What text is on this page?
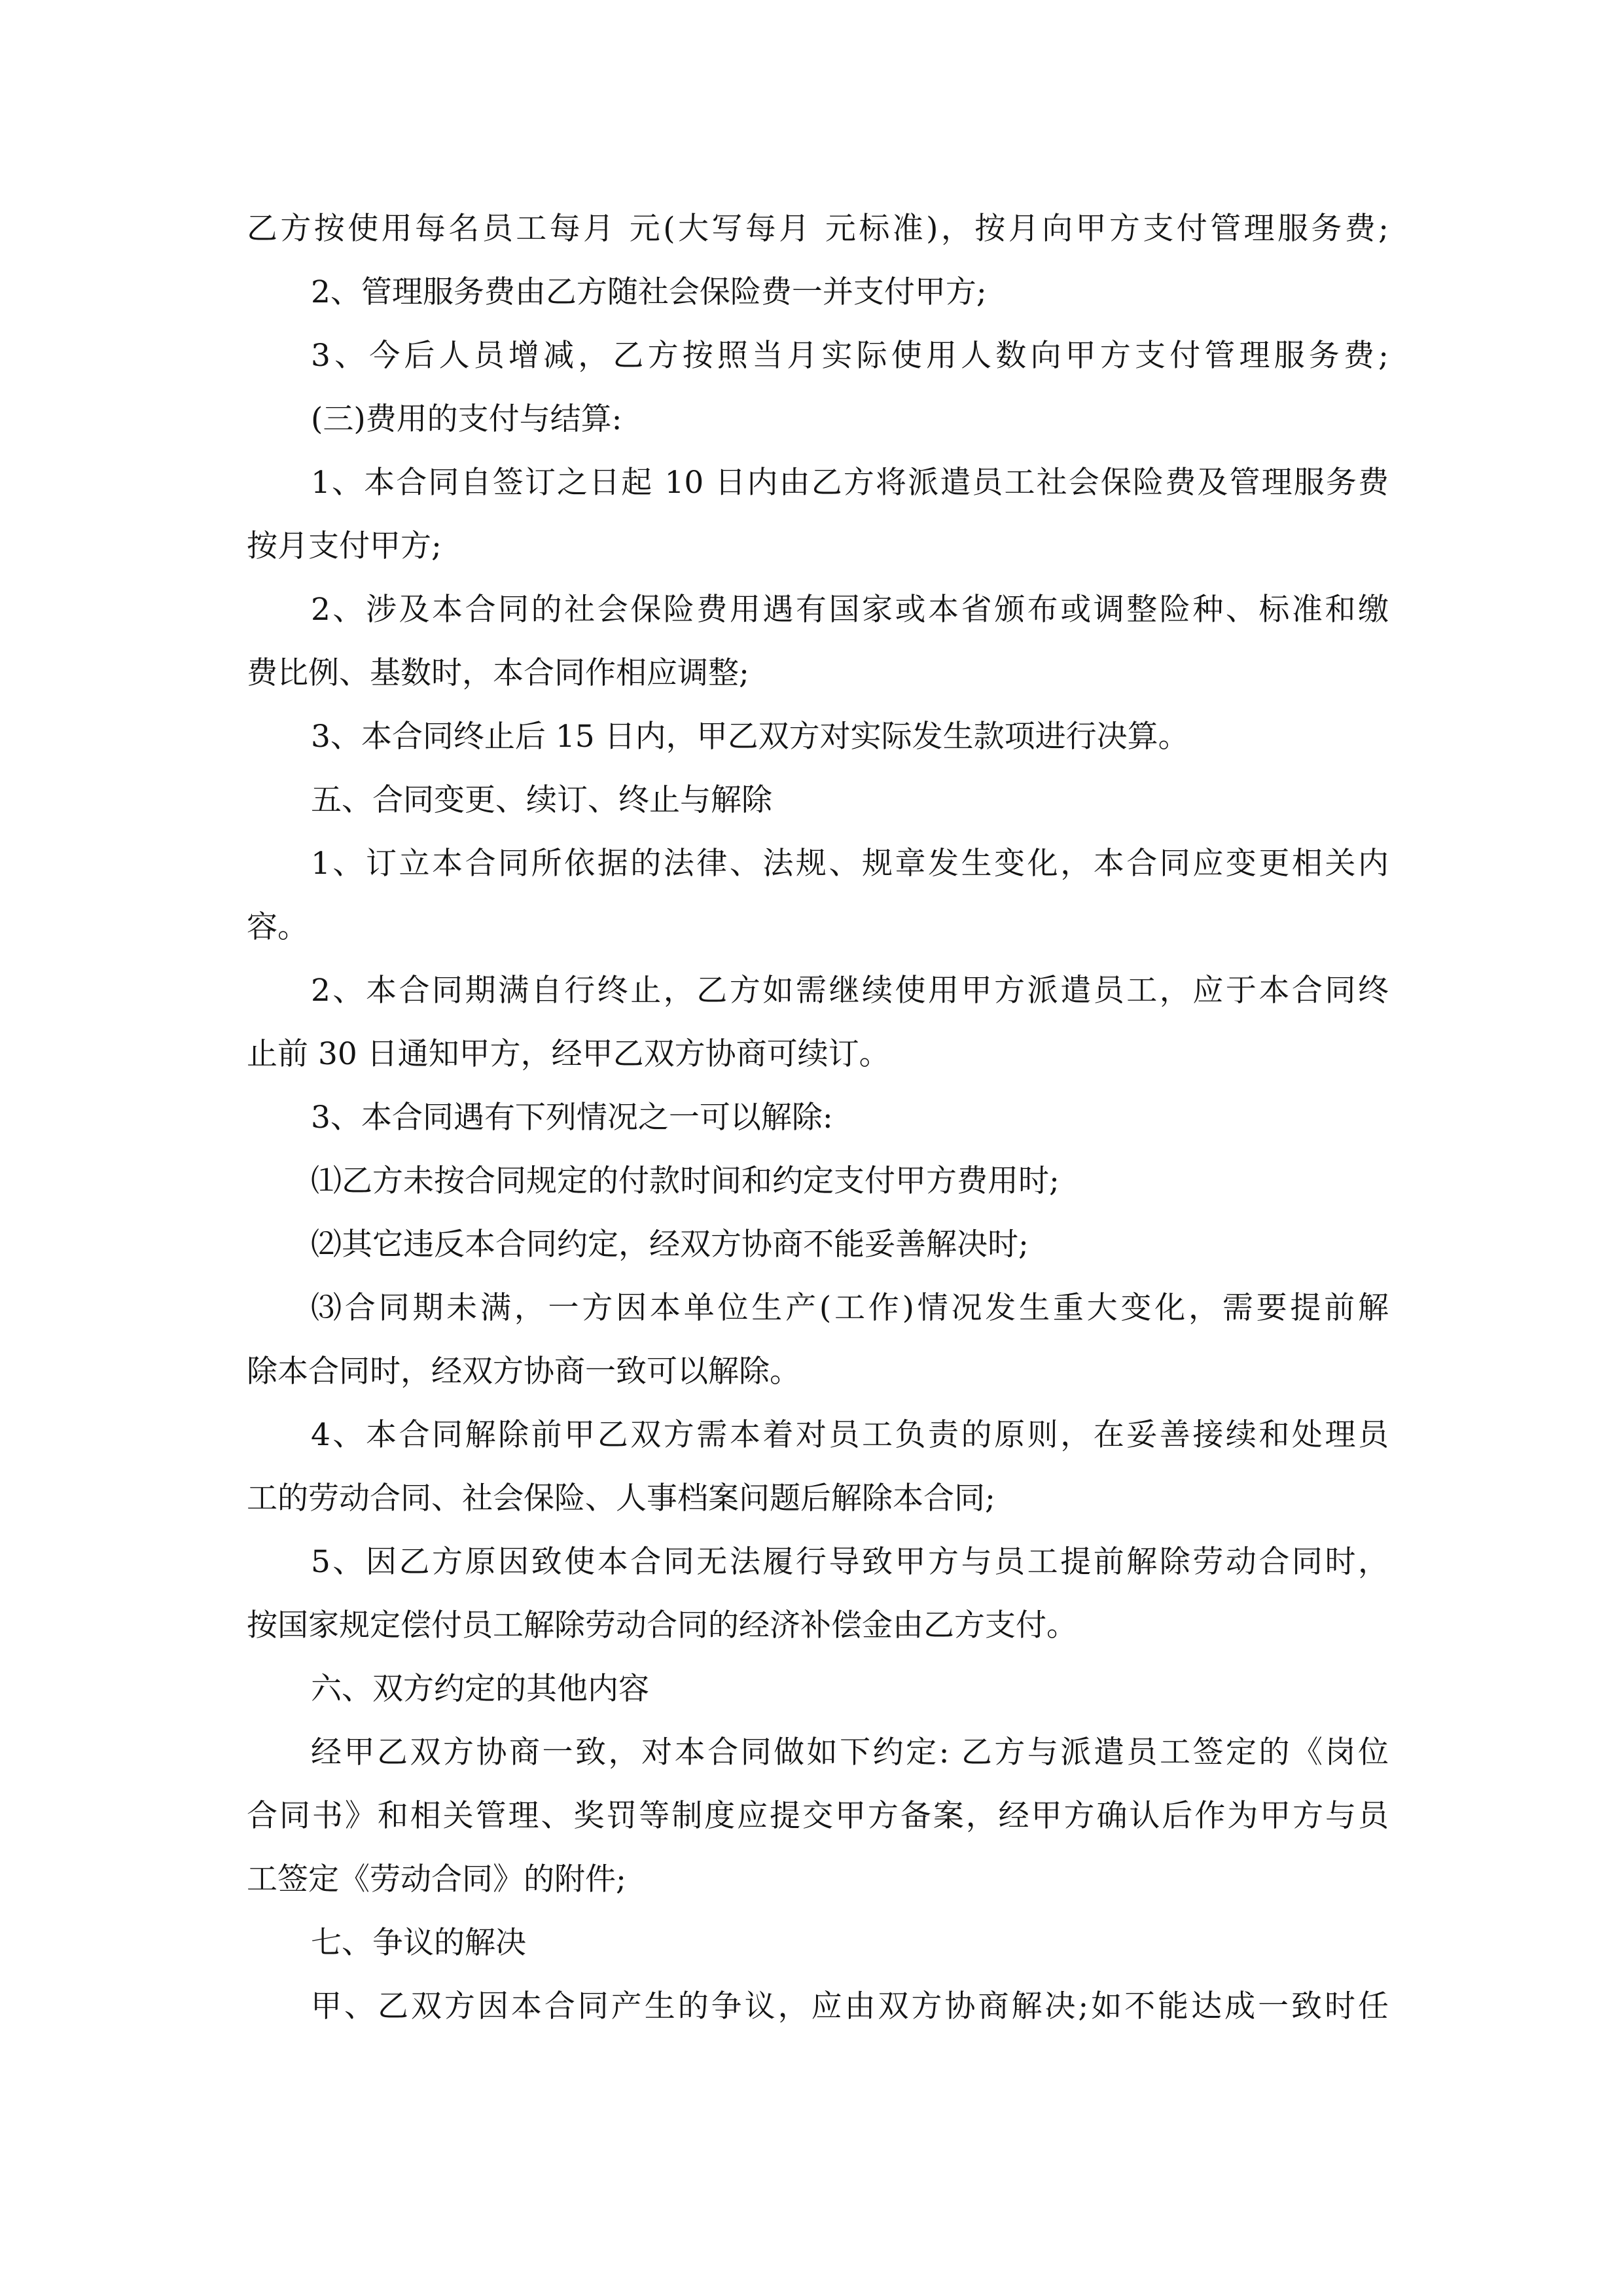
乙方按使用每名员工每月 元(大写每月 元标准)，按月向甲方支付管理服务费;
2、管理服务费由乙方随社会保险费一并支付甲方;
3、今后人员增减，乙方按照当月实际使用人数向甲方支付管理服务费;
(三)费用的支付与结算:
1、本合同自签订之日起 10 日内由乙方将派遣员工社会保险费及管理服务费
按月支付甲方;
2、涉及本合同的社会保险费用遇有国家或本省颁布或调整险种、标准和缴
费比例、基数时，本合同作相应调整;
3、本合同终止后 15 日内，甲乙双方对实际发生款项进行决算。
五、合同变更、续订、终止与解除
1、订立本合同所依据的法律、法规、规章发生变化，本合同应变更相关内
容。
2、本合同期满自行终止，乙方如需继续使用甲方派遣员工，应于本合同终
止前 30 日通知甲方，经甲乙双方协商可续订。
3、本合同遇有下列情况之一可以解除:
⑴乙方未按合同规定的付款时间和约定支付甲方费用时;
⑵其它违反本合同约定，经双方协商不能妥善解决时;
⑶合同期未满，一方因本单位生产(工作)情况发生重大变化，需要提前解
除本合同时，经双方协商一致可以解除。
4、本合同解除前甲乙双方需本着对员工负责的原则，在妥善接续和处理员
工的劳动合同、社会保险、人事档案问题后解除本合同;
5、因乙方原因致使本合同无法履行导致甲方与员工提前解除劳动合同时，
按国家规定偿付员工解除劳动合同的经济补偿金由乙方支付。
六、双方约定的其他内容
经甲乙双方协商一致，对本合同做如下约定: 乙方与派遣员工签定的《岗位
合同书》和相关管理、奖罚等制度应提交甲方备案，经甲方确认后作为甲方与员
工签定《劳动合同》的附件;
七、争议的解决
甲、乙双方因本合同产生的争议，应由双方协商解决;如不能达成一致时任
